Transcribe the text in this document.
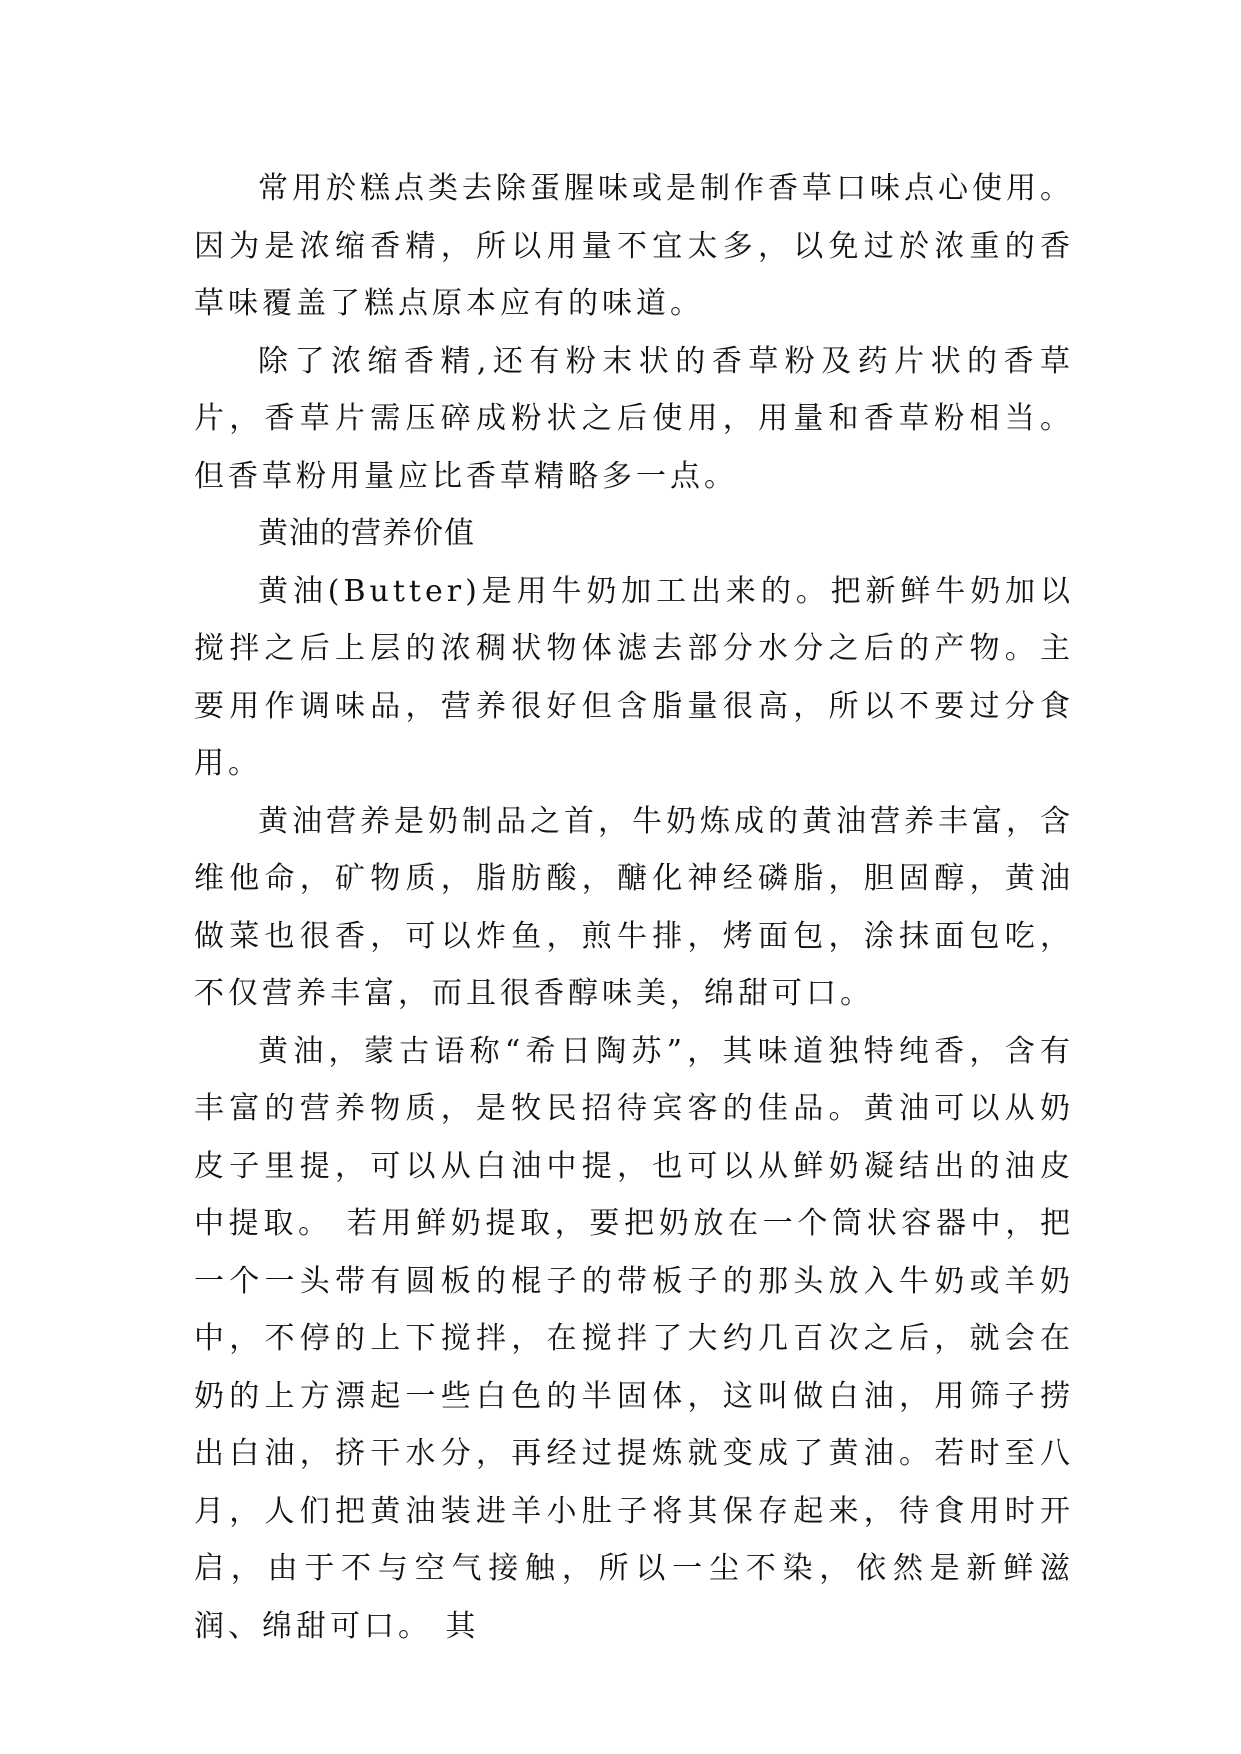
常用於糕点类去除蛋腥味或是制作香草口味点心使用。因为是浓缩香精，所以用量不宜太多，以免过於浓重的香草味覆盖了糕点原本应有的味道。

除了浓缩香精,还有粉末状的香草粉及药片状的香草片，香草片需压碎成粉状之后使用，用量和香草粉相当。但香草粉用量应比香草精略多一点。

黄油的营养价值

黄油(Butter)是用牛奶加工出来的。把新鲜牛奶加以搅拌之后上层的浓稠状物体滤去部分水分之后的产物。主要用作调味品，营养很好但含脂量很高，所以不要过分食用。

黄油营养是奶制品之首，牛奶炼成的黄油营养丰富，含维他命，矿物质，脂肪酸，醣化神经磷脂，胆固醇，黄油做菜也很香，可以炸鱼，煎牛排，烤面包，涂抹面包吃，不仅营养丰富，而且很香醇味美，绵甜可口。

黄油，蒙古语称“希日陶苏”，其味道独特纯香，含有丰富的营养物质，是牧民招待宾客的佳品。黄油可以从奶皮子里提，可以从白油中提，也可以从鲜奶凝结出的油皮中提取。 若用鲜奶提取，要把奶放在一个筒状容器中，把一个一头带有圆板的棍子的带板子的那头放入牛奶或羊奶中，不停的上下搅拌，在搅拌了大约几百次之后，就会在奶的上方漂起一些白色的半固体，这叫做白油，用筛子捞出白油，挤干水分，再经过提炼就变成了黄油。若时至八月，人们把黄油装进羊小肚子将其保存起来，待食用时开启，由于不与空气接触，所以一尘不染，依然是新鲜滋润、绵甜可口。 其
